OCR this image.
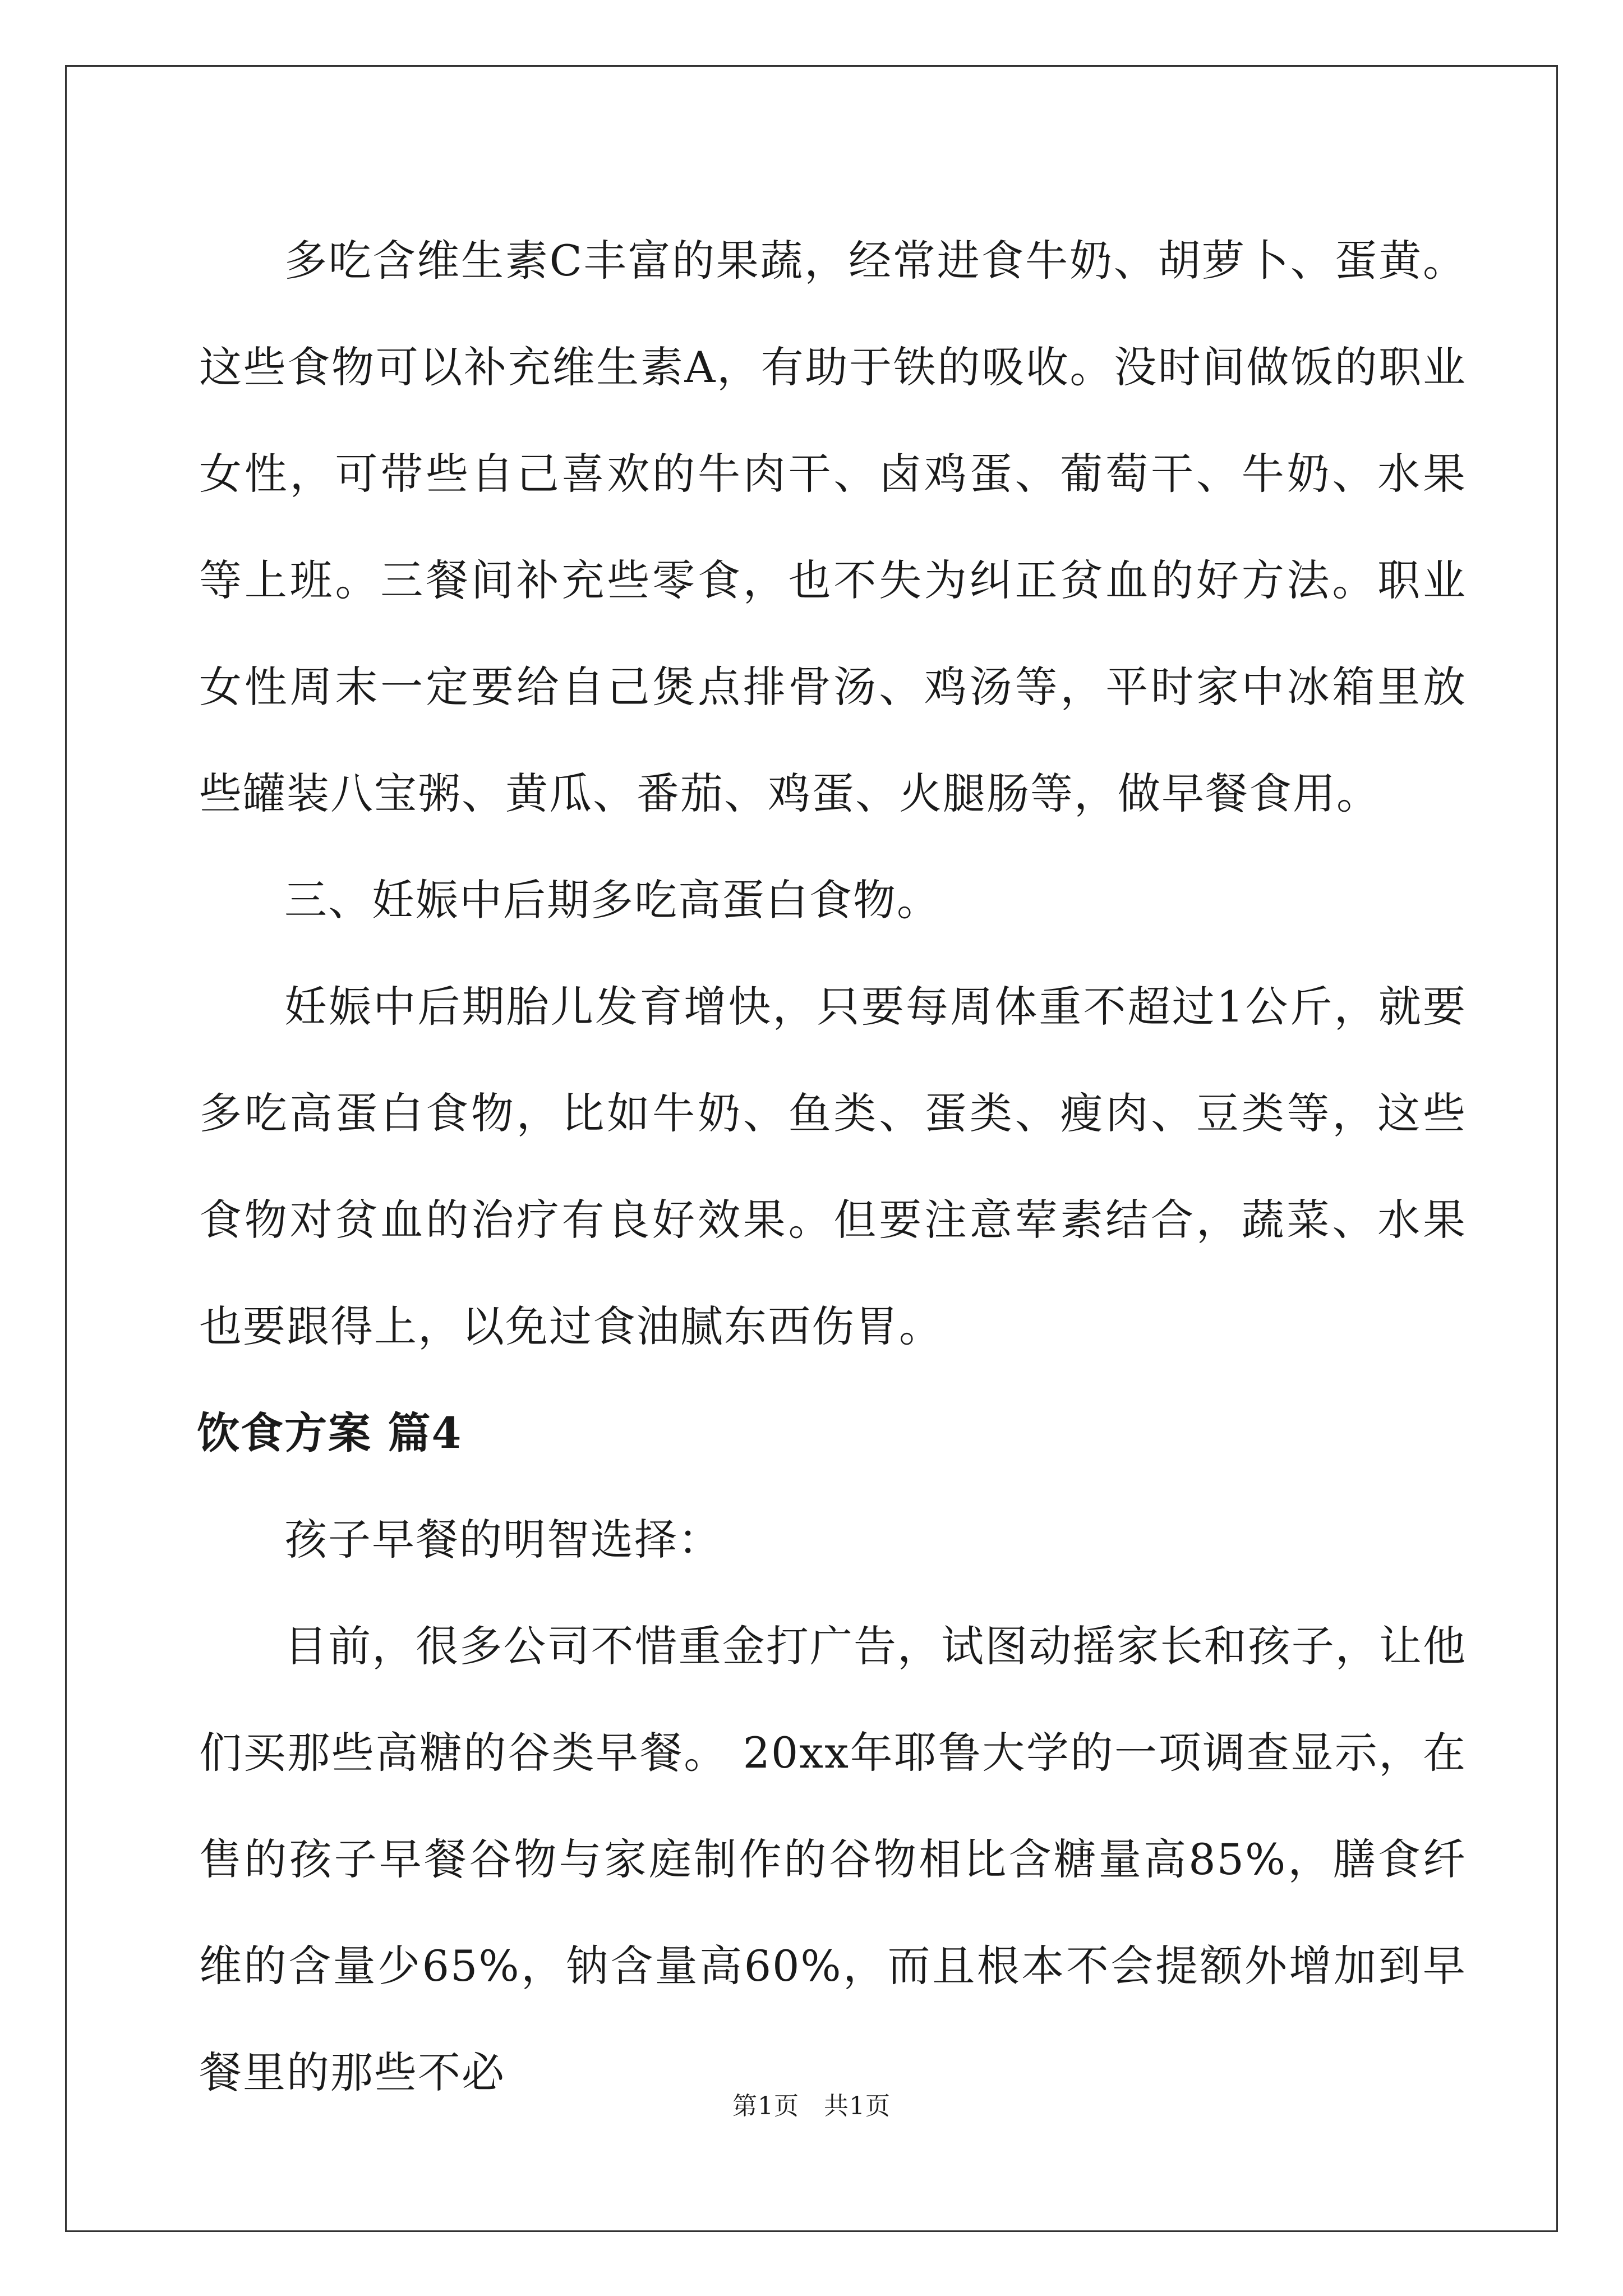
多吃含维生素C丰富的果蔬，经常进食牛奶、胡萝卜、蛋黄。这些食物可以补充维生素A，有助于铁的吸收。没时间做饭的职业女性，可带些自己喜欢的牛肉干、卤鸡蛋、葡萄干、牛奶、水果等上班。三餐间补充些零食，也不失为纠正贫血的好方法。职业女性周末一定要给自己煲点排骨汤、鸡汤等，平时家中冰箱里放些罐装八宝粥、黄瓜、番茄、鸡蛋、火腿肠等，做早餐食用。

三、妊娠中后期多吃高蛋白食物。

妊娠中后期胎儿发育增快，只要每周体重不超过1公斤，就要多吃高蛋白食物，比如牛奶、鱼类、蛋类、瘦肉、豆类等，这些食物对贫血的治疗有良好效果。但要注意荤素结合，蔬菜、水果也要跟得上，以免过食油腻东西伤胃。

饮食方案 篇4

孩子早餐的明智选择：

目前，很多公司不惜重金打广告，试图动摇家长和孩子，让他们买那些高糖的谷类早餐。 20xx年耶鲁大学的一项调查显示，在售的孩子早餐谷物与家庭制作的谷物相比含糖量高85%，膳食纤维的含量少65%，钠含量高60%，而且根本不会提额外增加到早餐里的那些不必

第1页 共1页
